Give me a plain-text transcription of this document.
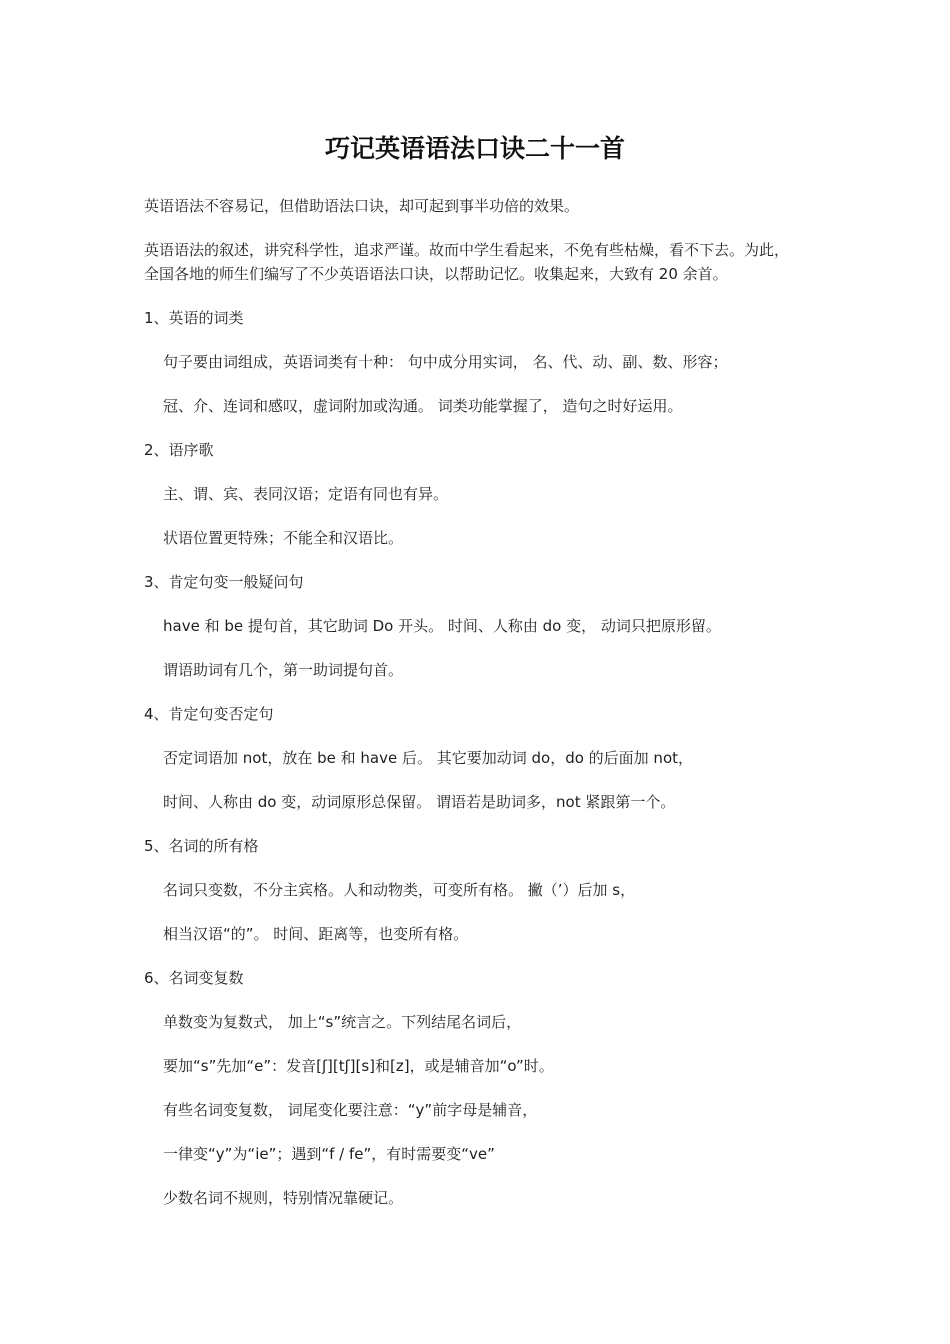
巧记英语语法口诀二十一首

英语语法不容易记，但借助语法口诀，却可起到事半功倍的效果。

英语语法的叙述，讲究科学性，追求严谨。故而中学生看起来，不免有些枯燥，看不下去。为此，

全国各地的师生们编写了不少英语语法口诀，以帮助记忆。收集起来，大致有 20 余首。

1、英语的词类

句子要由词组成，英语词类有十种： 句中成分用实词， 名、代、动、副、数、形容；

冠、介、连词和感叹，虚词附加或沟通。 词类功能掌握了， 造句之时好运用。

2、语序歌

主、谓、宾、表同汉语；定语有同也有异。

状语位置更特殊；不能全和汉语比。

3、肯定句变一般疑问句

have 和 be 提句首，其它助词 Do 开头。 时间、人称由 do 变， 动词只把原形留。

谓语助词有几个，第一助词提句首。

4、肯定句变否定句

否定词语加 not，放在 be 和 have 后。 其它要加动词 do，do 的后面加 not，

时间、人称由 do 变，动词原形总保留。 谓语若是助词多，not 紧跟第一个。

5、名词的所有格

名词只变数，不分主宾格。人和动物类，可变所有格。 撇（’）后加 s，

相当汉语“的”。 时间、距离等，也变所有格。

6、名词变复数

单数变为复数式， 加上“s”统言之。下列结尾名词后，

要加“s”先加“e”：发音[ʃ][tʃ][s]和[z]，或是辅音加“o”时。

有些名词变复数， 词尾变化要注意：“y”前字母是辅音，

一律变“y”为“ie”；遇到“f / fe”，有时需要变“ve”

少数名词不规则，特别情况靠硬记。
